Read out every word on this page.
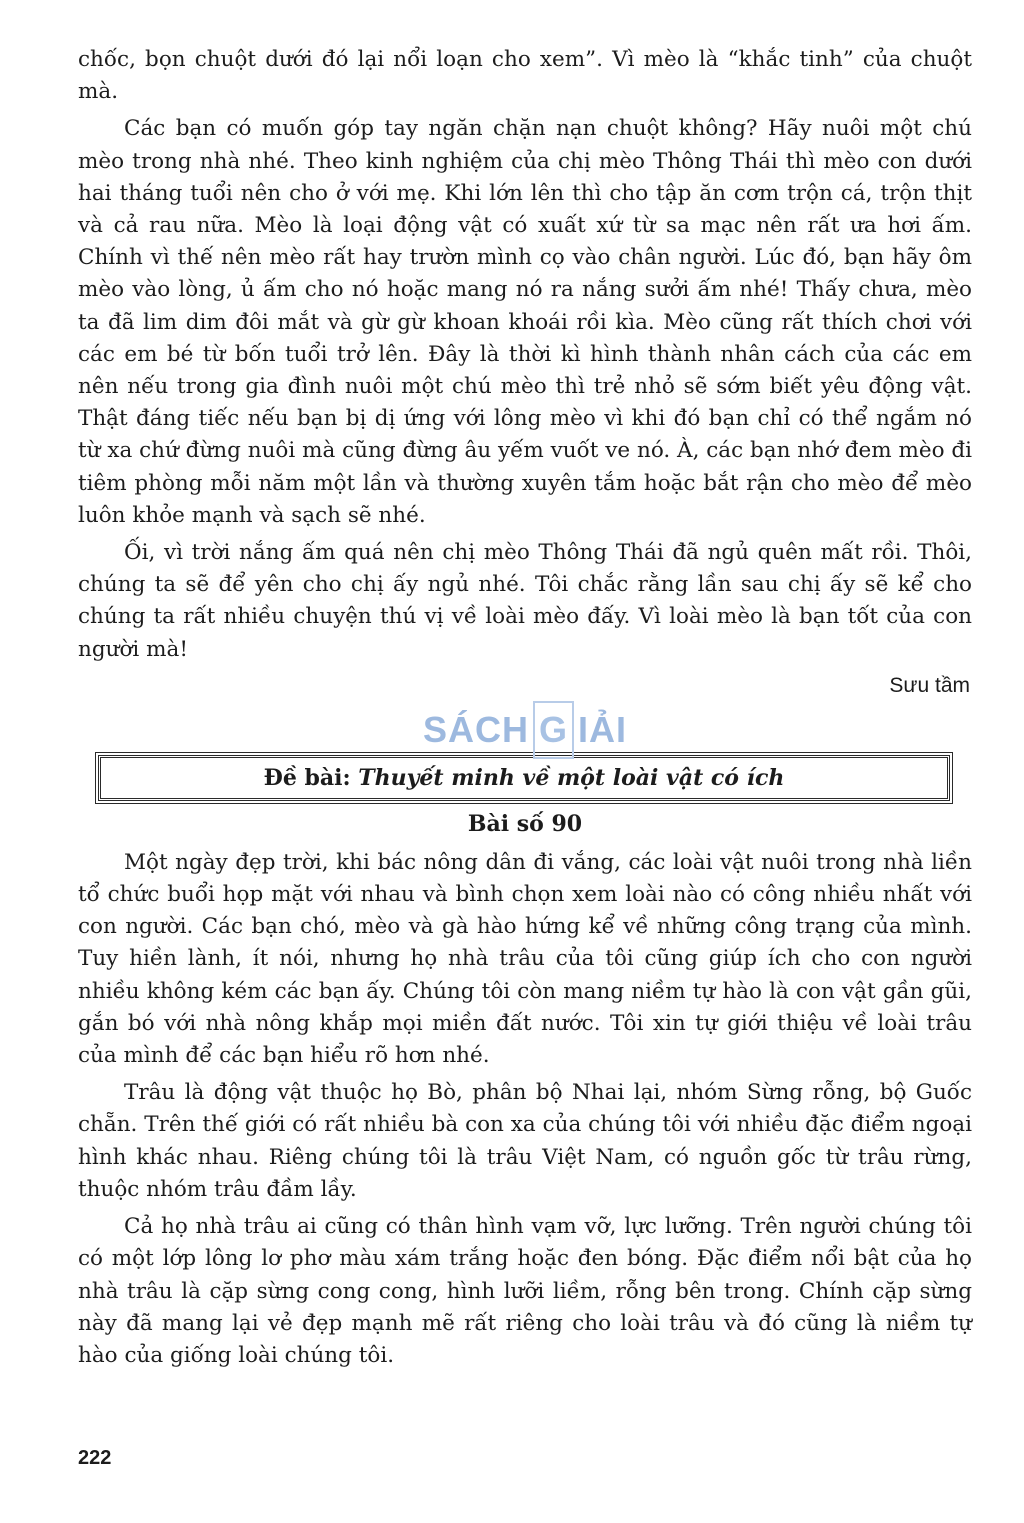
chốc, bọn chuột dưới đó lại nổi loạn cho xem”. Vì mèo là “khắc tinh” của chuột mà.

Các bạn có muốn góp tay ngăn chặn nạn chuột không? Hãy nuôi một chú mèo trong nhà nhé. Theo kinh nghiệm của chị mèo Thông Thái thì mèo con dưới hai tháng tuổi nên cho ở với mẹ. Khi lớn lên thì cho tập ăn cơm trộn cá, trộn thịt và cả rau nữa. Mèo là loại động vật có xuất xứ từ sa mạc nên rất ưa hơi ấm. Chính vì thế nên mèo rất hay trườn mình cọ vào chân người. Lúc đó, bạn hãy ôm mèo vào lòng, ủ ấm cho nó hoặc mang nó ra nắng sưởi ấm nhé! Thấy chưa, mèo ta đã lim dim đôi mắt và gừ gừ khoan khoái rồi kìa. Mèo cũng rất thích chơi với các em bé từ bốn tuổi trở lên. Đây là thời kì hình thành nhân cách của các em nên nếu trong gia đình nuôi một chú mèo thì trẻ nhỏ sẽ sớm biết yêu động vật. Thật đáng tiếc nếu bạn bị dị ứng với lông mèo vì khi đó bạn chỉ có thể ngắm nó từ xa chứ đừng nuôi mà cũng đừng âu yếm vuốt ve nó. À, các bạn nhớ đem mèo đi tiêm phòng mỗi năm một lần và thường xuyên tắm hoặc bắt rận cho mèo để mèo luôn khỏe mạnh và sạch sẽ nhé.

Ối, vì trời nắng ấm quá nên chị mèo Thông Thái đã ngủ quên mất rồi. Thôi, chúng ta sẽ để yên cho chị ấy ngủ nhé. Tôi chắc rằng lần sau chị ấy sẽ kể cho chúng ta rất nhiều chuyện thú vị về loài mèo đấy. Vì loài mèo là bạn tốt của con người mà!

Sưu tầm
SÁCH G IẢI
Đề bài: Thuyết minh về một loài vật có ích
Bài số 90

Một ngày đẹp trời, khi bác nông dân đi vắng, các loài vật nuôi trong nhà liền tổ chức buổi họp mặt với nhau và bình chọn xem loài nào có công nhiều nhất với con người. Các bạn chó, mèo và gà hào hứng kể về những công trạng của mình. Tuy hiền lành, ít nói, nhưng họ nhà trâu của tôi cũng giúp ích cho con người nhiều không kém các bạn ấy. Chúng tôi còn mang niềm tự hào là con vật gần gũi, gắn bó với nhà nông khắp mọi miền đất nước. Tôi xin tự giới thiệu về loài trâu của mình để các bạn hiểu rõ hơn nhé.

Trâu là động vật thuộc họ Bò, phân bộ Nhai lại, nhóm Sừng rỗng, bộ Guốc chẵn. Trên thế giới có rất nhiều bà con xa của chúng tôi với nhiều đặc điểm ngoại hình khác nhau. Riêng chúng tôi là trâu Việt Nam, có nguồn gốc từ trâu rừng, thuộc nhóm trâu đầm lầy.

Cả họ nhà trâu ai cũng có thân hình vạm vỡ, lực lưỡng. Trên người chúng tôi có một lớp lông lơ phơ màu xám trắng hoặc đen bóng. Đặc điểm nổi bật của họ nhà trâu là cặp sừng cong cong, hình lưỡi liềm, rỗng bên trong. Chính cặp sừng này đã mang lại vẻ đẹp mạnh mẽ rất riêng cho loài trâu và đó cũng là niềm tự hào của giống loài chúng tôi.

222
